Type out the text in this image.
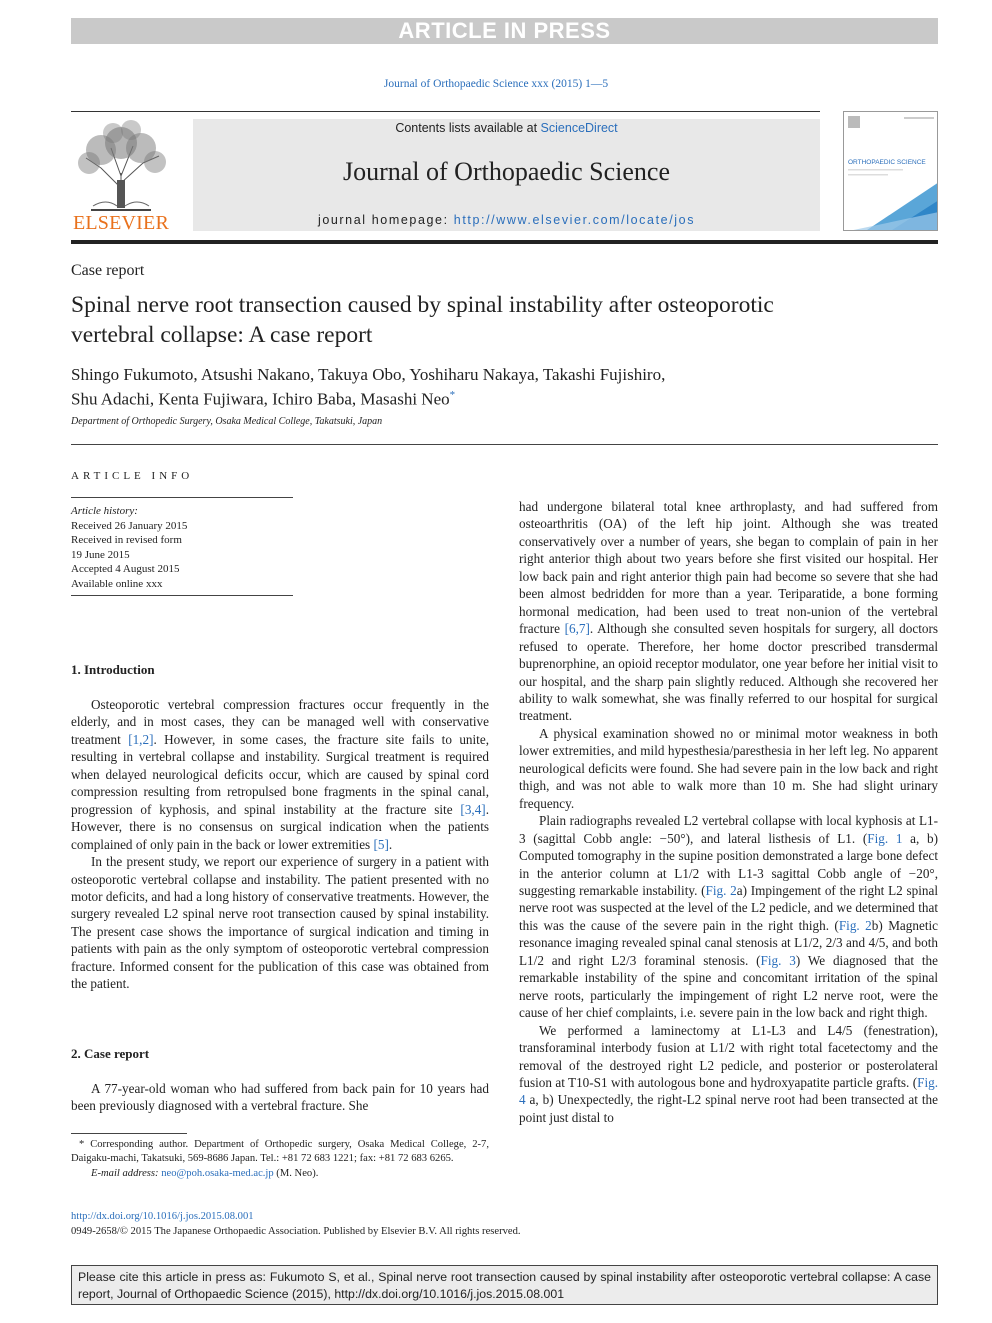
ARTICLE IN PRESS
Journal of Orthopaedic Science xxx (2015) 1—5
ELSEVIER
Contents lists available at ScienceDirect
Journal of Orthopaedic Science
journal homepage: http://www.elsevier.com/locate/jos
ORTHOPAEDIC SCIENCE
Case report
Spinal nerve root transection caused by spinal instability after osteoporotic vertebral collapse: A case report
Shingo Fukumoto, Atsushi Nakano, Takuya Obo, Yoshiharu Nakaya, Takashi Fujishiro,
Shu Adachi, Kenta Fujiwara, Ichiro Baba, Masashi Neo*
Department of Orthopedic Surgery, Osaka Medical College, Takatsuki, Japan
ARTICLE INFO
Article history:
Received 26 January 2015
Received in revised form
19 June 2015
Accepted 4 August 2015
Available online xxx
1. Introduction

Osteoporotic vertebral compression fractures occur frequently in the elderly, and in most cases, they can be managed well with conservative treatment [1,2]. However, in some cases, the fracture site fails to unite, resulting in vertebral collapse and instability. Surgical treatment is required when delayed neurological deficits occur, which are caused by spinal cord compression resulting from retropulsed bone fragments in the spinal canal, progression of kyphosis, and spinal instability at the fracture site [3,4]. However, there is no consensus on surgical indication when the patients complained of only pain in the back or lower extremities [5].

In the present study, we report our experience of surgery in a patient with osteoporotic vertebral collapse and instability. The patient presented with no motor deficits, and had a long history of conservative treatments. However, the surgery revealed L2 spinal nerve root transection caused by spinal instability. The present case shows the importance of surgical indication and timing in patients with pain as the only symptom of osteoporotic vertebral compression fracture. Informed consent for the publication of this case was obtained from the patient.

2. Case report

A 77-year-old woman who had suffered from back pain for 10 years had been previously diagnosed with a vertebral fracture. She

had undergone bilateral total knee arthroplasty, and had suffered from osteoarthritis (OA) of the left hip joint. Although she was treated conservatively over a number of years, she began to complain of pain in her right anterior thigh about two years before she first visited our hospital. Her low back pain and right anterior thigh pain had become so severe that she had been almost bedridden for more than a year. Teriparatide, a bone forming hormonal medication, had been used to treat non-union of the vertebral fracture [6,7]. Although she consulted seven hospitals for surgery, all doctors refused to operate. Therefore, her home doctor prescribed transdermal buprenorphine, an opioid receptor modulator, one year before her initial visit to our hospital, and the sharp pain slightly reduced. Although she recovered her ability to walk somewhat, she was finally referred to our hospital for surgical treatment.

A physical examination showed no or minimal motor weakness in both lower extremities, and mild hypesthesia/paresthesia in her left leg. No apparent neurological deficits were found. She had severe pain in the low back and right thigh, and was not able to walk more than 10 m. She had slight urinary frequency.

Plain radiographs revealed L2 vertebral collapse with local kyphosis at L1-3 (sagittal Cobb angle: −50°), and lateral listhesis of L1. (Fig. 1 a, b) Computed tomography in the supine position demonstrated a large bone defect in the anterior column at L1/2 with L1-3 sagittal Cobb angle of −20°, suggesting remarkable instability. (Fig. 2a) Impingement of the right L2 spinal nerve root was suspected at the level of the L2 pedicle, and we determined that this was the cause of the severe pain in the right thigh. (Fig. 2b) Magnetic resonance imaging revealed spinal canal stenosis at L1/2, 2/3 and 4/5, and both L1/2 and right L2/3 foraminal stenosis. (Fig. 3) We diagnosed that the remarkable instability of the spine and concomitant irritation of the spinal nerve roots, particularly the impingement of right L2 nerve root, were the cause of her chief complaints, i.e. severe pain in the low back and right thigh.

We performed a laminectomy at L1-L3 and L4/5 (fenestration), transforaminal interbody fusion at L1/2 with right total facetectomy and the removal of the destroyed right L2 pedicle, and posterior or posterolateral fusion at T10-S1 with autologous bone and hydroxyapatite particle grafts. (Fig. 4 a, b) Unexpectedly, the right-L2 spinal nerve root had been transected at the point just distal to

* Corresponding author. Department of Orthopedic surgery, Osaka Medical College, 2-7, Daigaku-machi, Takatsuki, 569-8686 Japan. Tel.: +81 72 683 1221; fax: +81 72 683 6265.
E-mail address: neo@poh.osaka-med.ac.jp (M. Neo).
http://dx.doi.org/10.1016/j.jos.2015.08.001
0949-2658/© 2015 The Japanese Orthopaedic Association. Published by Elsevier B.V. All rights reserved.
Please cite this article in press as: Fukumoto S, et al., Spinal nerve root transection caused by spinal instability after osteoporotic vertebral collapse: A case report, Journal of Orthopaedic Science (2015), http://dx.doi.org/10.1016/j.jos.2015.08.001
